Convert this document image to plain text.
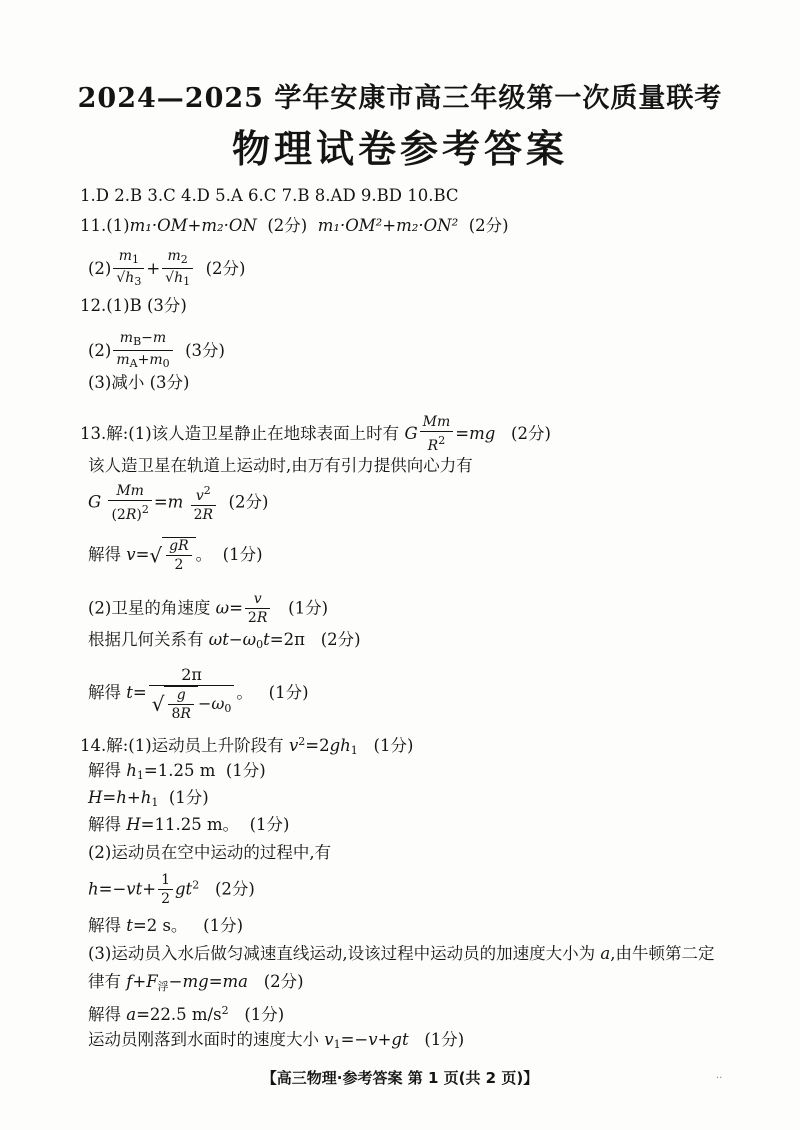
2024—2025 学年安康市高三年级第一次质量联考
物理试卷参考答案
1.D 2.B 3.C 4.D 5.A 6.C 7.B 8.AD 9.BD 10.BC
11.(1)m₁·OM+m₂·ON (2分) m₁·OM²+m₂·ON² (2分)
$(2) \frac{m_1}{√h_3} + \frac{m_2}{√h_1} (2$分)
12.(1)B (3分)
$(2) \frac{m_B-m}{m_A+m_0} (3$分)
(3)减小 (3分)
13.解:(1)该人造卫星静止在地球表面上时有 G $\frac{Mm}{R^2} =mg$ (2分)
该人造卫星在轨道上运动时,由万有引力提供向心力有
G $\frac{Mm}{(2R)^2} =m \frac{v^2}{2R} (2$分)
解得 $v=√ \frac{gR}{2}$ 。  (1分)
(2)卫星的角速度 $\omega= \frac{v}{2R} (1$分)
根据几何关系有 $\omega t-\omega_0t=2\pi$   (2分)
解得 $t= \frac{2\pi}{√ \frac{g}{8R} -\omega_0}$ 。   (1分)
14.解:(1)运动员上升阶段有 $v^2=2gh_1$ (1分)
解得 $h_1=1.25$ m  (1分)
$H=h+h_1$ (1分)
解得 H=11.25 m。  (1分)
(2)运动员在空中运动的过程中,有
$h=-vt+ \frac{1}{2} gt^2$ (2分)
解得 t=2 s。   (1分)
(3)运动员入水后做匀减速直线运动,设该过程中运动员的加速度大小为 a,由牛顿第二定
律有 $f+F_浮-mg=ma$ (2分)
解得 a=22.5 $m/s^2$ (1分)
运动员刚落到水面时的速度大小 $v_1=-v+gt$ (1分)
【高三物理·参考答案 第 1 页(共 2 页)】	··
